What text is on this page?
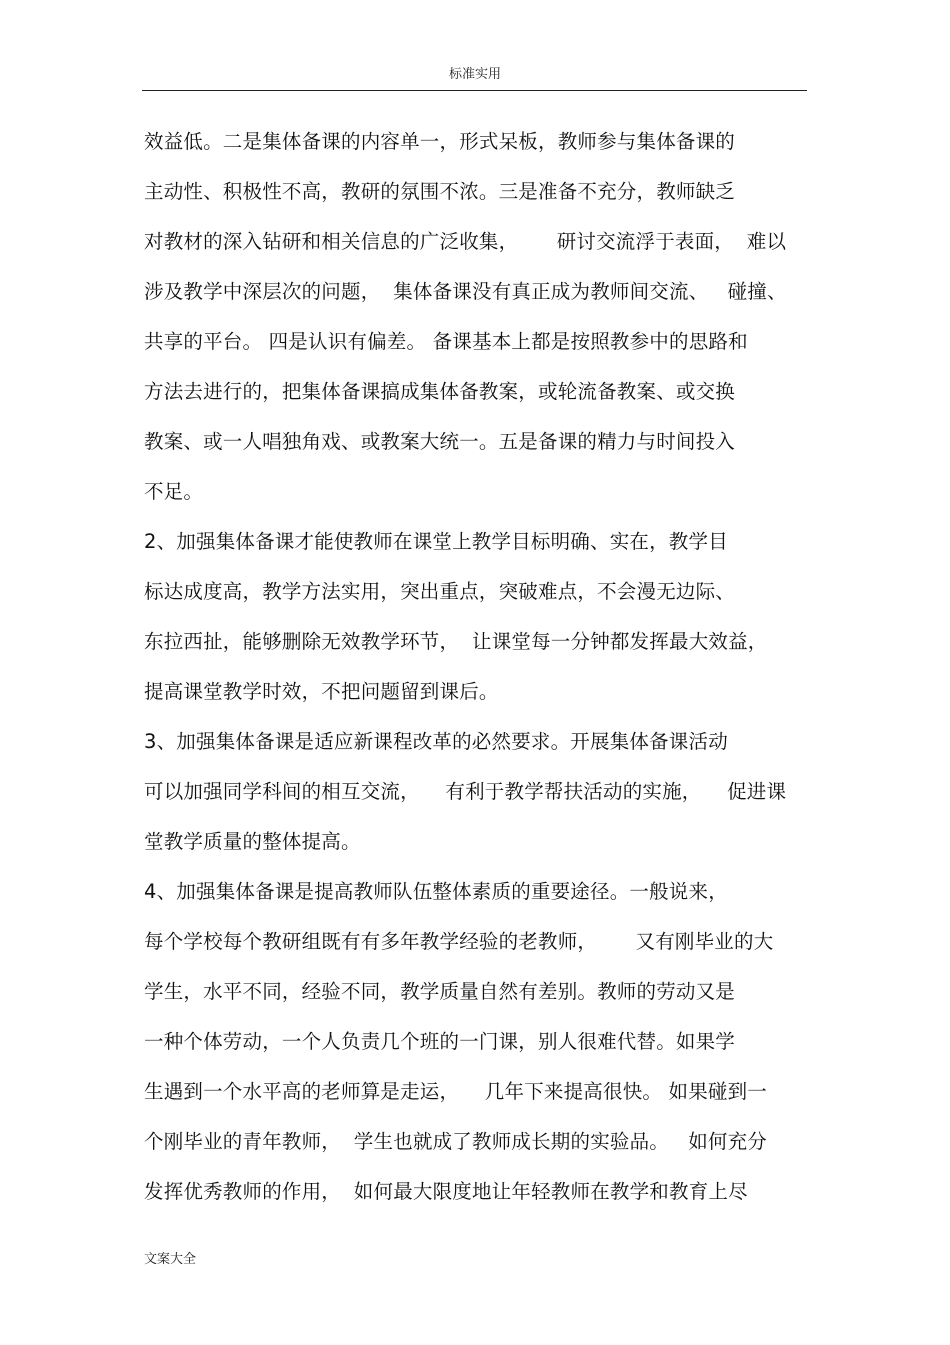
标准实用
效益低。二是集体备课的内容单一，形式呆板，教师参与集体备课的
主动性、积极性不高，教研的氛围不浓。三是准备不充分，教师缺乏
对教材的深入钻研和相关信息的广泛收集，      研讨交流浮于表面，  难以
涉及教学中深层次的问题，  集体备课没有真正成为教师间交流、   碰撞、
共享的平台。 四是认识有偏差。 备课基本上都是按照教参中的思路和
方法去进行的，把集体备课搞成集体备教案，或轮流备教案、或交换
教案、或一人唱独角戏、或教案大统一。五是备课的精力与时间投入
不足。
2、加强集体备课才能使教师在课堂上教学目标明确、实在，教学目
标达成度高，教学方法实用，突出重点，突破难点，不会漫无边际、
东拉西扯，能够删除无效教学环节，  让课堂每一分钟都发挥最大效益，
提高课堂教学时效，不把问题留到课后。
3、加强集体备课是适应新课程改革的必然要求。开展集体备课活动
可以加强同学科间的相互交流，    有利于教学帮扶活动的实施，    促进课
堂教学质量的整体提高。
4、加强集体备课是提高教师队伍整体素质的重要途径。一般说来，
每个学校每个教研组既有有多年教学经验的老教师，      又有刚毕业的大
学生，水平不同，经验不同，教学质量自然有差别。教师的劳动又是
一种个体劳动，一个人负责几个班的一门课，别人很难代替。如果学
生遇到一个水平高的老师算是走运，    几年下来提高很快。 如果碰到一
个刚毕业的青年教师，  学生也就成了教师成长期的实验品。   如何充分
发挥优秀教师的作用，  如何最大限度地让年轻教师在教学和教育上尽
文案大全
